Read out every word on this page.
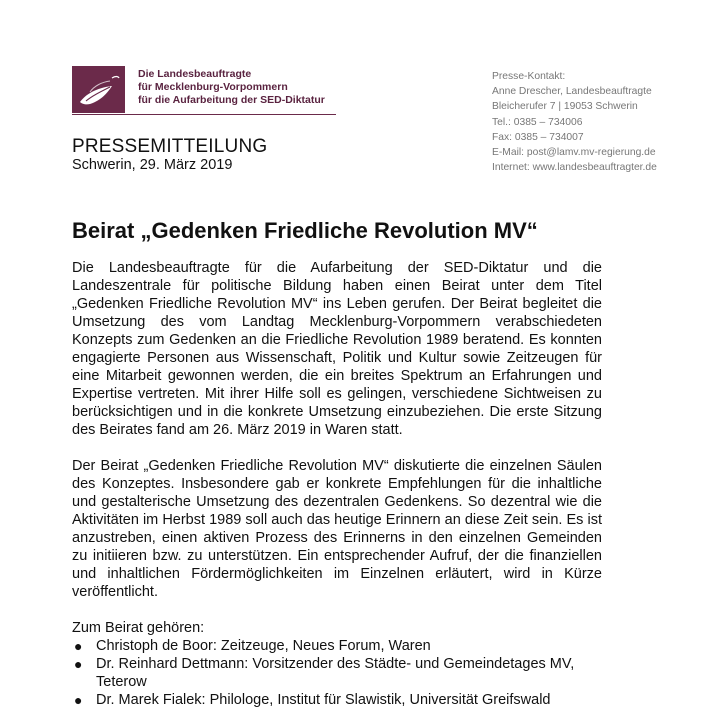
Die Landesbeauftragte
für Mecklenburg-Vorpommern
für die Aufarbeitung der SED-Diktatur
Presse-Kontakt:
Anne Drescher, Landesbeauftragte
Bleicherufer 7 | 19053 Schwerin
Tel.: 0385 – 734006
Fax: 0385 – 734007
E-Mail: post@lamv.mv-regierung.de
Internet: www.landesbeauftragter.de
PRESSEMITTEILUNG
Schwerin, 29. März 2019
Beirat „Gedenken Friedliche Revolution MV“

Die Landesbeauftragte für die Aufarbeitung der SED-Diktatur und die Landeszentrale für politische Bildung haben einen Beirat unter dem Titel „Gedenken Friedliche Revolution MV“ ins Leben gerufen. Der Beirat begleitet die Umsetzung des vom Landtag Mecklenburg-Vorpommern verabschiedeten Konzepts zum Gedenken an die Friedliche Revolution 1989 beratend. Es konnten engagierte Personen aus Wissenschaft, Politik und Kultur sowie Zeitzeugen für eine Mitarbeit gewonnen werden, die ein breites Spektrum an Erfahrungen und Expertise vertreten. Mit ihrer Hilfe soll es gelingen, verschiedene Sichtweisen zu berücksichtigen und in die konkrete Umsetzung einzubeziehen. Die erste Sitzung des Beirates fand am 26. März 2019 in Waren statt.

Der Beirat „Gedenken Friedliche Revolution MV“ diskutierte die einzelnen Säulen des Konzeptes. Insbesondere gab er konkrete Empfehlungen für die inhaltliche und gestalterische Umsetzung des dezentralen Gedenkens. So dezentral wie die Aktivitäten im Herbst 1989 soll auch das heutige Erinnern an diese Zeit sein. Es ist anzustreben, einen aktiven Prozess des Erinnerns in den einzelnen Gemeinden zu initiieren bzw. zu unterstützen. Ein entsprechender Aufruf, der die finanziellen und inhaltlichen Fördermöglichkeiten im Einzelnen erläutert, wird in Kürze veröffentlicht.

Zum Beirat gehören:
● Christoph de Boor: Zeitzeuge, Neues Forum, Waren
● Dr. Reinhard Dettmann: Vorsitzender des Städte- und Gemeindetages MV, Teterow
● Dr. Marek Fialek: Philologe, Institut für Slawistik, Universität Greifswald
